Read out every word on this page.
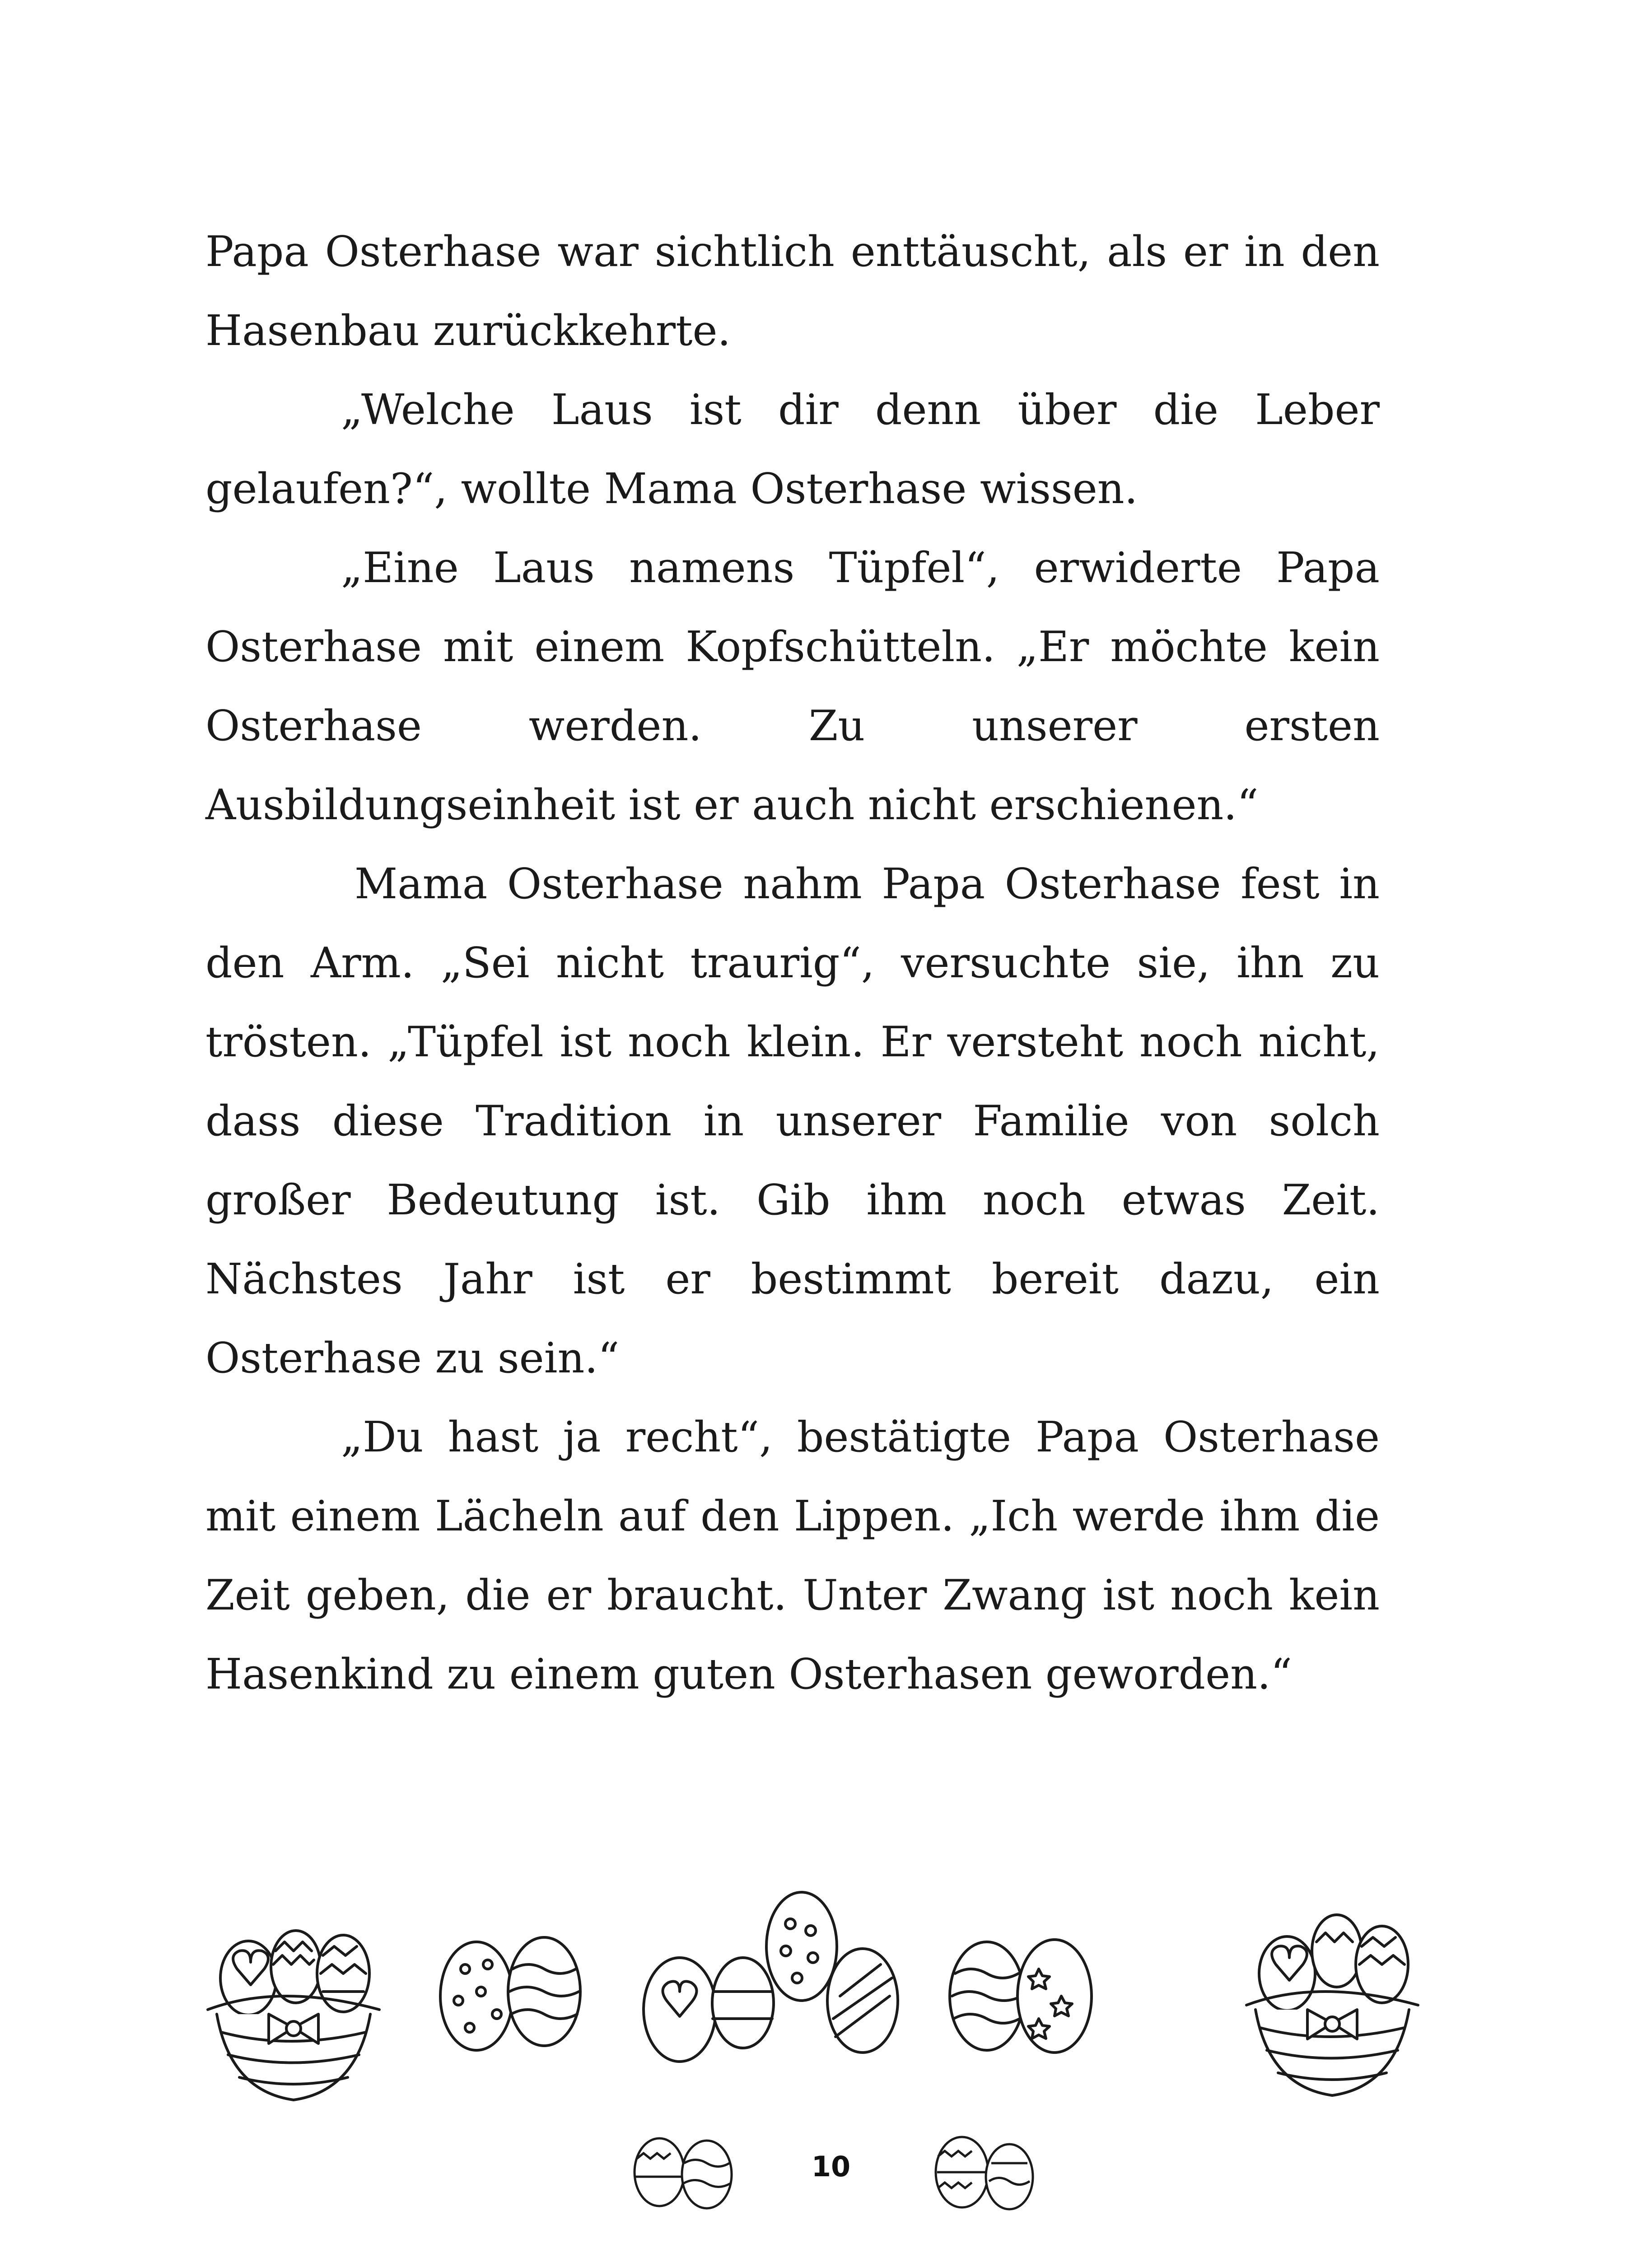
Papa Osterhase war sichtlich enttäuscht, als er in den Hasenbau zurückkehrte.

„Welche Laus ist dir denn über die Leber gelaufen?“, wollte Mama Osterhase wissen.

„Eine Laus namens Tüpfel“, erwiderte Papa Osterhase mit einem Kopfschütteln. „Er möchte kein Osterhase werden. Zu unserer ersten Ausbildungseinheit ist er auch nicht erschienen.“

Mama Osterhase nahm Papa Osterhase fest in den Arm. „Sei nicht traurig“, versuchte sie, ihn zu trösten. „Tüpfel ist noch klein. Er versteht noch nicht, dass diese Tradition in unserer Familie von solch großer Bedeutung ist. Gib ihm noch etwas Zeit. Nächstes Jahr ist er bestimmt bereit dazu, ein Osterhase zu sein.“

„Du hast ja recht“, bestätigte Papa Osterhase mit einem Lächeln auf den Lippen. „Ich werde ihm die Zeit geben, die er braucht. Unter Zwang ist noch kein Hasenkind zu einem guten Osterhasen geworden.“

10
